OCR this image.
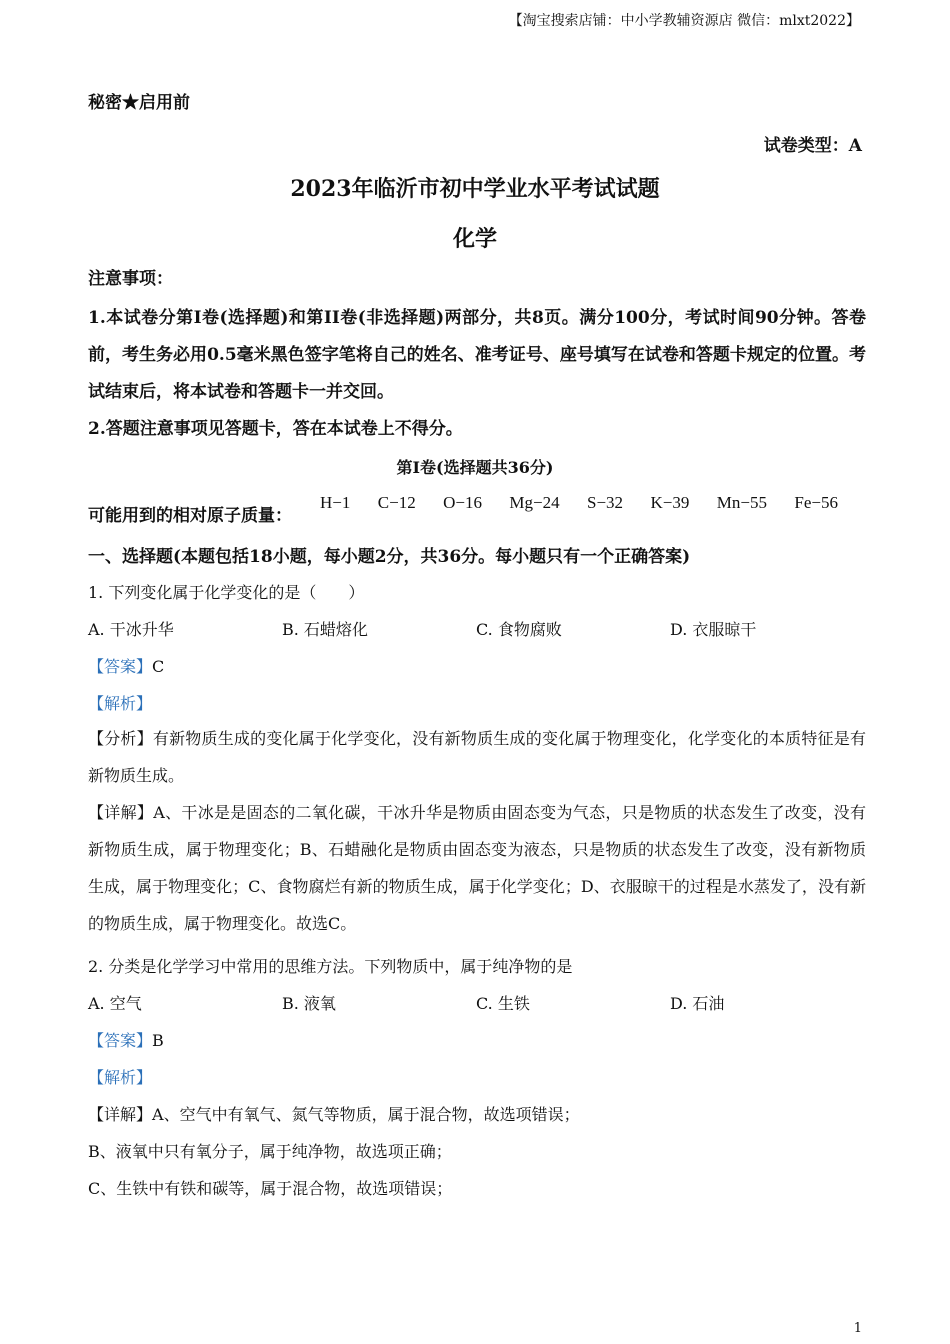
【淘宝搜索店铺：中小学教辅资源店 微信：mlxt2022】
秘密★启用前
试卷类型：A
2023年临沂市初中学业水平考试试题
化学
注意事项：

1.本试卷分第I卷(选择题)和第II卷(非选择题)两部分，共8页。满分100分，考试时间90分钟。答卷前，考生务必用0.5毫米黑色签字笔将自己的姓名、准考证号、座号填写在试卷和答题卡规定的位置。考试结束后，将本试卷和答题卡一并交回。

2.答题注意事项见答题卡，答在本试卷上不得分。

第I卷(选择题共36分)
可能用到的相对原子质量：
H−1 C−12 O−16 Mg−24 S−32 K−39 Mn−55 Fe−56
一、选择题(本题包括18小题，每小题2分，共36分。每小题只有一个正确答案)
1. 下列变化属于化学变化的是（　　）
A. 干冰升华	B. 石蜡熔化	C. 食物腐败	D. 衣服晾干
【答案】C
【解析】

【分析】有新物质生成的变化属于化学变化，没有新物质生成的变化属于物理变化，化学变化的本质特征是有新物质生成。

【详解】A、干冰是是固态的二氧化碳，干冰升华是物质由固态变为气态，只是物质的状态发生了改变，没有新物质生成，属于物理变化；B、石蜡融化是物质由固态变为液态，只是物质的状态发生了改变，没有新物质生成，属于物理变化；C、食物腐烂有新的物质生成，属于化学变化；D、衣服晾干的过程是水蒸发了，没有新的物质生成，属于物理变化。故选C。

2. 分类是化学学习中常用的思维方法。下列物质中，属于纯净物的是
A. 空气	B. 液氧	C. 生铁	D. 石油
【答案】B
【解析】
【详解】A、空气中有氧气、氮气等物质，属于混合物，故选项错误；
B、液氧中只有氧分子，属于纯净物，故选项正确；
C、生铁中有铁和碳等，属于混合物，故选项错误；
1
